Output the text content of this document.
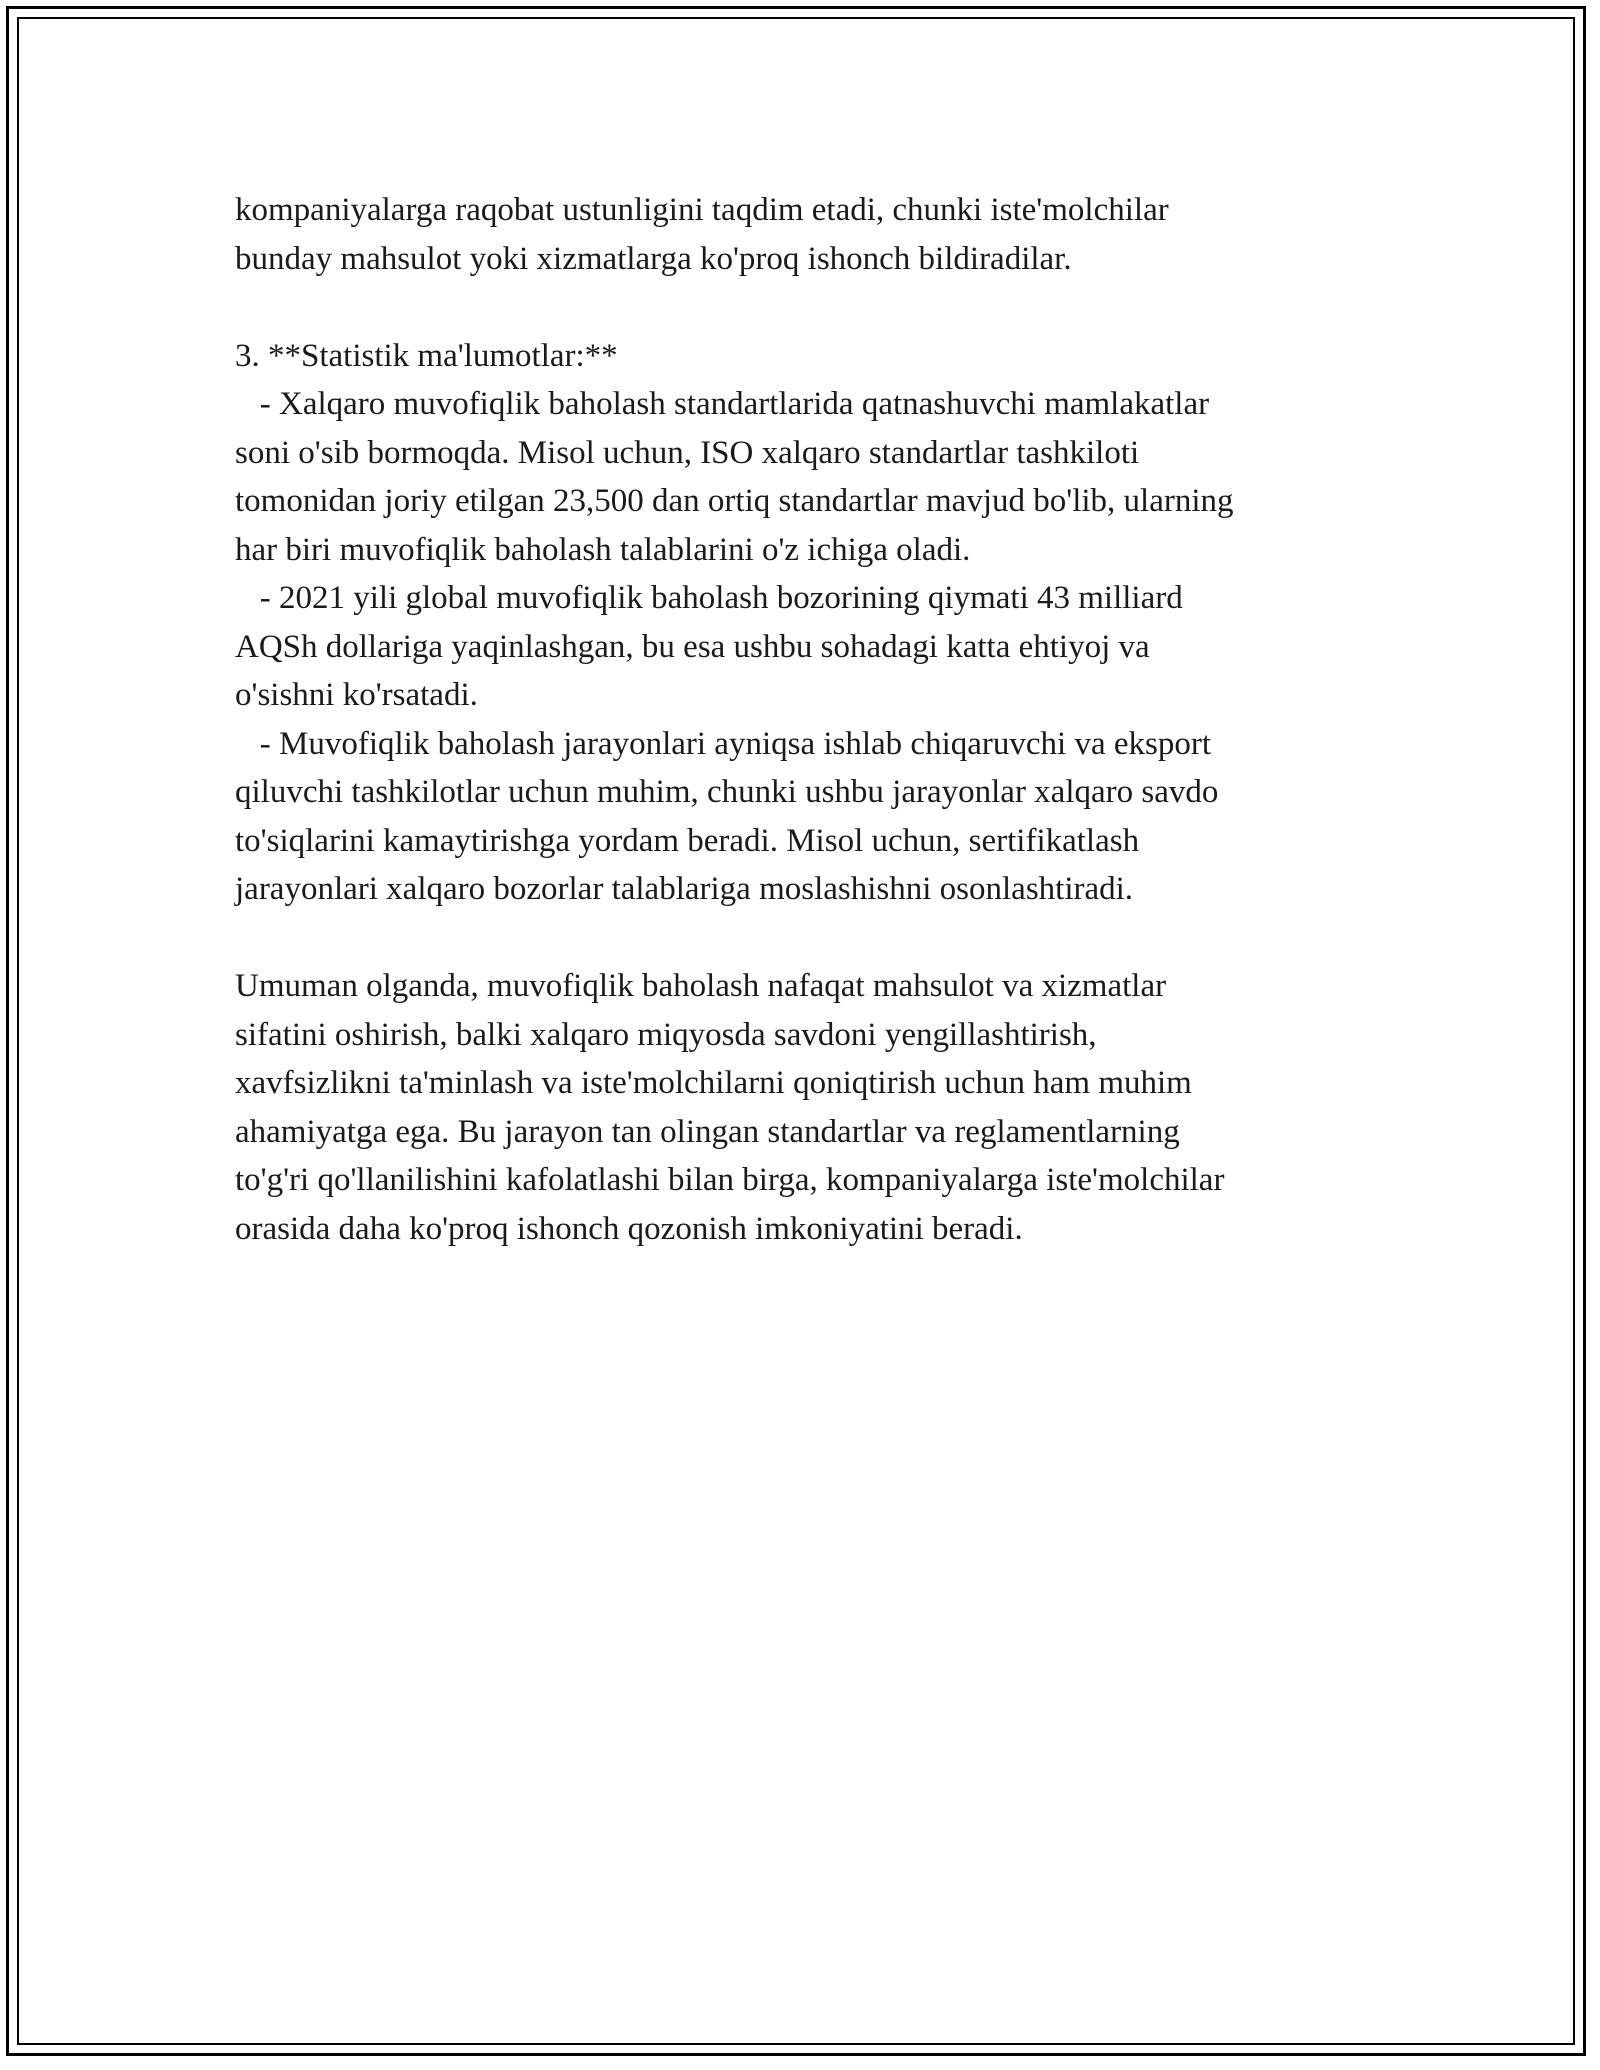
kompaniyalarga raqobat ustunligini taqdim etadi, chunki iste'molchilar
bunday mahsulot yoki xizmatlarga ko'proq ishonch bildiradilar.
3. **Statistik ma'lumotlar:**
- Xalqaro muvofiqlik baholash standartlarida qatnashuvchi mamlakatlar
soni o'sib bormoqda. Misol uchun, ISO xalqaro standartlar tashkiloti
tomonidan joriy etilgan 23,500 dan ortiq standartlar mavjud bo'lib, ularning
har biri muvofiqlik baholash talablarini o'z ichiga oladi.
- 2021 yili global muvofiqlik baholash bozorining qiymati 43 milliard
AQSh dollariga yaqinlashgan, bu esa ushbu sohadagi katta ehtiyoj va
o'sishni ko'rsatadi.
- Muvofiqlik baholash jarayonlari ayniqsa ishlab chiqaruvchi va eksport
qiluvchi tashkilotlar uchun muhim, chunki ushbu jarayonlar xalqaro savdo
to'siqlarini kamaytirishga yordam beradi. Misol uchun, sertifikatlash
jarayonlari xalqaro bozorlar talablariga moslashishni osonlashtiradi.
Umuman olganda, muvofiqlik baholash nafaqat mahsulot va xizmatlar
sifatini oshirish, balki xalqaro miqyosda savdoni yengillashtirish,
xavfsizlikni ta'minlash va iste'molchilarni qoniqtirish uchun ham muhim
ahamiyatga ega. Bu jarayon tan olingan standartlar va reglamentlarning
to'g'ri qo'llanilishini kafolatlashi bilan birga, kompaniyalarga iste'molchilar
orasida daha ko'proq ishonch qozonish imkoniyatini beradi.
